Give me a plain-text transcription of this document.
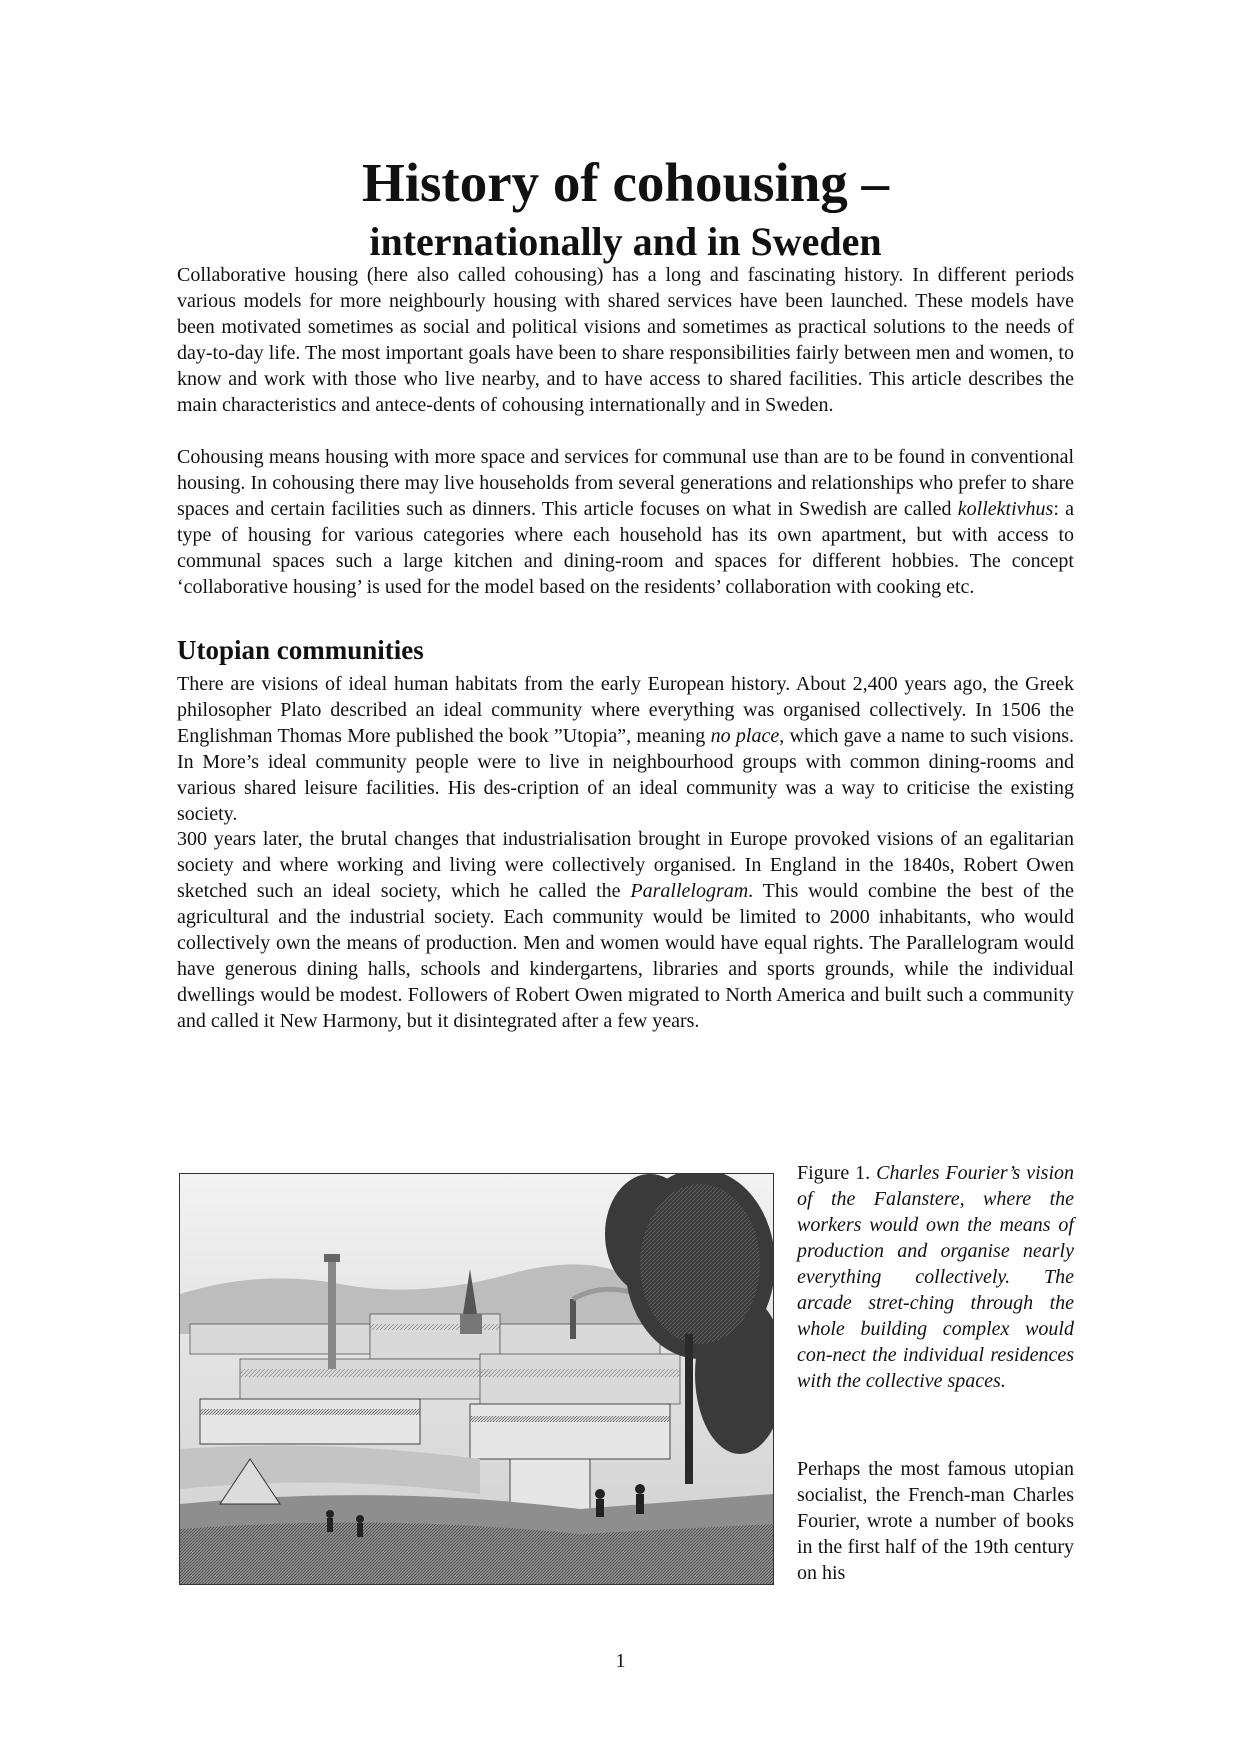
History of cohousing –
internationally and in Sweden

Collaborative housing (here also called cohousing) has a long and fascinating history. In different periods various models for more neighbourly housing with shared services have been launched. These models have been motivated sometimes as social and political visions and sometimes as practical solutions to the needs of day-to-day life. The most important goals have been to share responsibilities fairly between men and women, to know and work with those who live nearby, and to have access to shared facilities. This article describes the main characteristics and antece-dents of cohousing internationally and in Sweden.

Cohousing means housing with more space and services for communal use than are to be found in conventional housing. In cohousing there may live households from several generations and relationships who prefer to share spaces and certain facilities such as dinners. This article focuses on what in Swedish are called kollektivhus: a type of housing for various categories where each household has its own apartment, but with access to communal spaces such a large kitchen and dining-room and spaces for different hobbies. The concept ‘collaborative housing’ is used for the model based on the residents’ collaboration with cooking etc.

Utopian communities

There are visions of ideal human habitats from the early European history. About 2,400 years ago, the Greek philosopher Plato described an ideal community where everything was organised collectively. In 1506 the Englishman Thomas More published the book ”Utopia”, meaning no place, which gave a name to such visions. In More’s ideal community people were to live in neighbourhood groups with common dining-rooms and various shared leisure facilities. His des-cription of an ideal community was a way to criticise the existing society.

300 years later, the brutal changes that industrialisation brought in Europe provoked visions of an egalitarian society and where working and living were collectively organised. In England in the 1840s, Robert Owen sketched such an ideal society, which he called the Parallelogram. This would combine the best of the agricultural and the industrial society. Each community would be limited to 2000 inhabitants, who would collectively own the means of production. Men and women would have equal rights. The Parallelogram would have generous dining halls, schools and kindergartens, libraries and sports grounds, while the individual dwellings would be modest. Followers of Robert Owen migrated to North America and built such a community and called it New Harmony, but it disintegrated after a few years.

Figure 1. Charles Fourier’s vision of the Falanstere, where the workers would own the means of production and organise nearly everything collectively. The arcade stret-ching through the whole building complex would con-nect the individual residences with the collective spaces.

Perhaps the most famous utopian socialist, the French-man Charles Fourier, wrote a number of books in the first half of the 19th century on his

1
